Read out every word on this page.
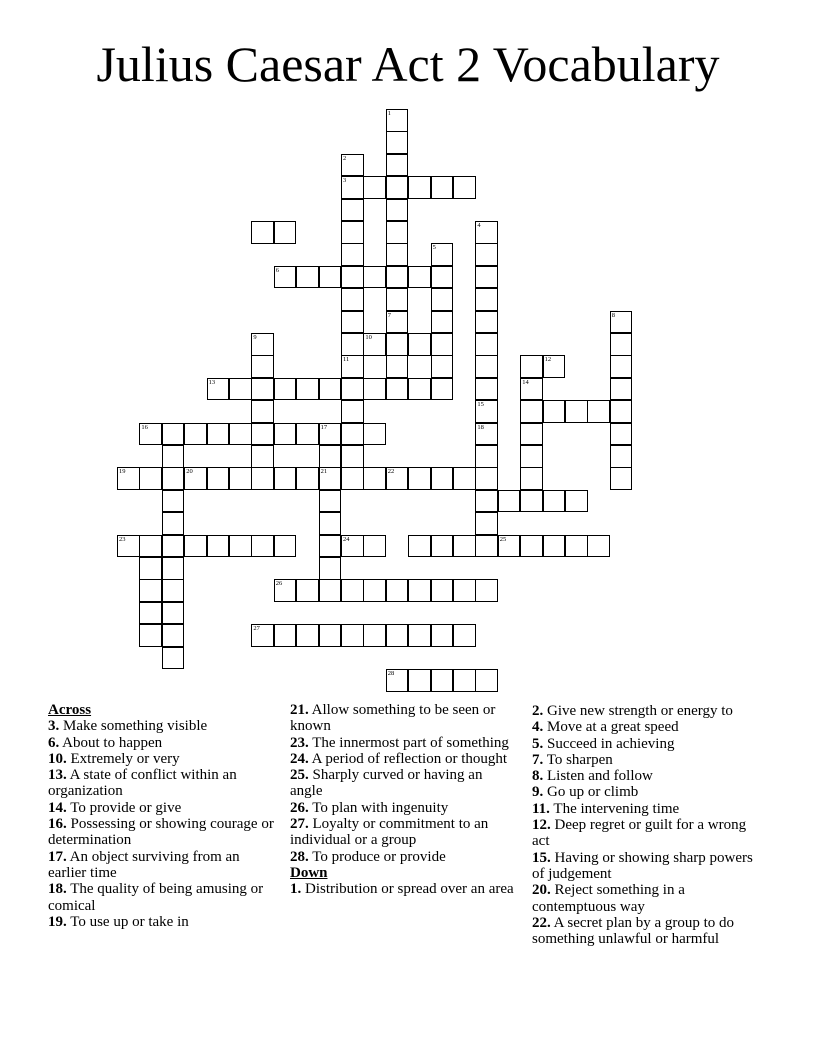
Julius Caesar Act 2 Vocabulary
1
7
2
3
11
4
15
18
5
6
10
8
9
13	14
16	17
21
19	20
23	24	25
26
27
28
12
22

Across

3. Make something visible

6. About to happen

10. Extremely or very

13. A state of conflict within an organization

14. To provide or give

16. Possessing or showing courage or determination

17. An object surviving from an earlier time

18. The quality of being amusing or comical

19. To use up or take in

21. Allow something to be seen or known

23. The innermost part of something

24. A period of reflection or thought

25. Sharply curved or having an angle

26. To plan with ingenuity

27. Loyalty or commitment to an individual or a group

28. To produce or provide

Down

1. Distribution or spread over an area

2. Give new strength or energy to

4. Move at a great speed

5. Succeed in achieving

7. To sharpen

8. Listen and follow

9. Go up or climb

11. The intervening time

12. Deep regret or guilt for a wrong act

15. Having or showing sharp powers of judgement

20. Reject something in a contemptuous way

22. A secret plan by a group to do something unlawful or harmful
